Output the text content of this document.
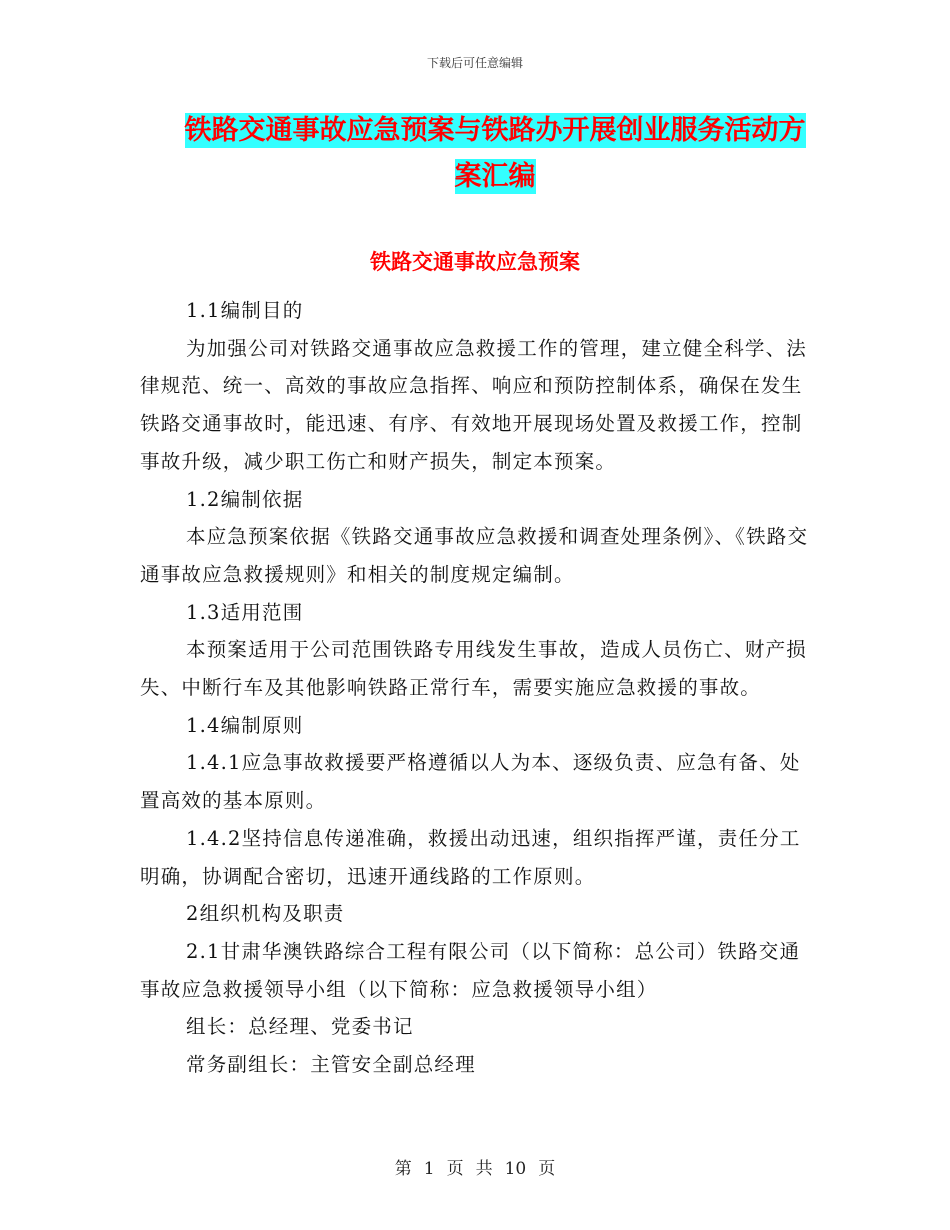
下载后可任意编辑
铁路交通事故应急预案与铁路办开展创业服务活动方
案汇编
铁路交通事故应急预案

1.1编制目的

为加强公司对铁路交通事故应急救援工作的管理，建立健全科学、法律规范、统一、高效的事故应急指挥、响应和预防控制体系，确保在发生铁路交通事故时，能迅速、有序、有效地开展现场处置及救援工作，控制事故升级，减少职工伤亡和财产损失，制定本预案。

1.2编制依据

本应急预案依据《铁路交通事故应急救援和调查处理条例》、《铁路交通事故应急救援规则》和相关的制度规定编制。

1.3适用范围

本预案适用于公司范围铁路专用线发生事故，造成人员伤亡、财产损失、中断行车及其他影响铁路正常行车，需要实施应急救援的事故。

1.4编制原则

1.4.1应急事故救援要严格遵循以人为本、逐级负责、应急有备、处置高效的基本原则。

1.4.2坚持信息传递准确，救援出动迅速，组织指挥严谨，责任分工明确，协调配合密切，迅速开通线路的工作原则。

2组织机构及职责

2.1甘肃华澳铁路综合工程有限公司（以下简称：总公司）铁路交通事故应急救援领导小组（以下简称：应急救援领导小组）

组长：总经理、党委书记

常务副组长：主管安全副总经理

第 1 页 共 10 页
